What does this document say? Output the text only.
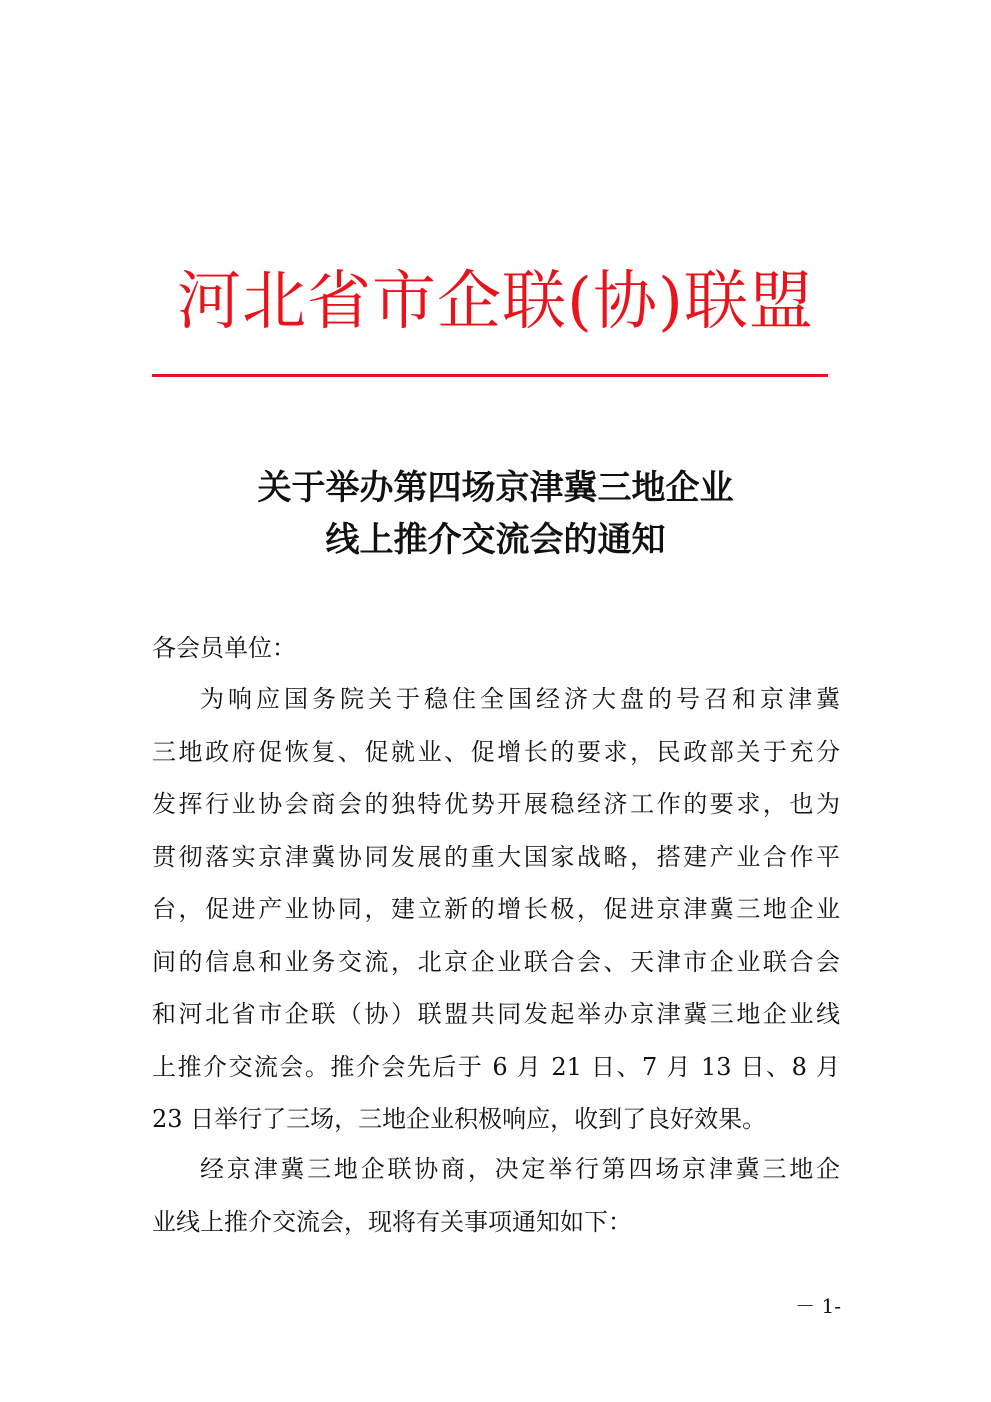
河北省市企联(协)联盟
关于举办第四场京津冀三地企业
线上推介交流会的通知
各会员单位：
为响应国务院关于稳住全国经济大盘的号召和京津冀
三地政府促恢复、促就业、促增长的要求，民政部关于充分
发挥行业协会商会的独特优势开展稳经济工作的要求，也为
贯彻落实京津冀协同发展的重大国家战略，搭建产业合作平
台，促进产业协同，建立新的增长极，促进京津冀三地企业
间的信息和业务交流，北京企业联合会、天津市企业联合会
和河北省市企联（协）联盟共同发起举办京津冀三地企业线
上推介交流会。推介会先后于 6 月 21 日、7 月 13 日、8 月
23 日举行了三场，三地企业积极响应，收到了良好效果。
经京津冀三地企联协商，决定举行第四场京津冀三地企
业线上推介交流会，现将有关事项通知如下：
－ 1-
